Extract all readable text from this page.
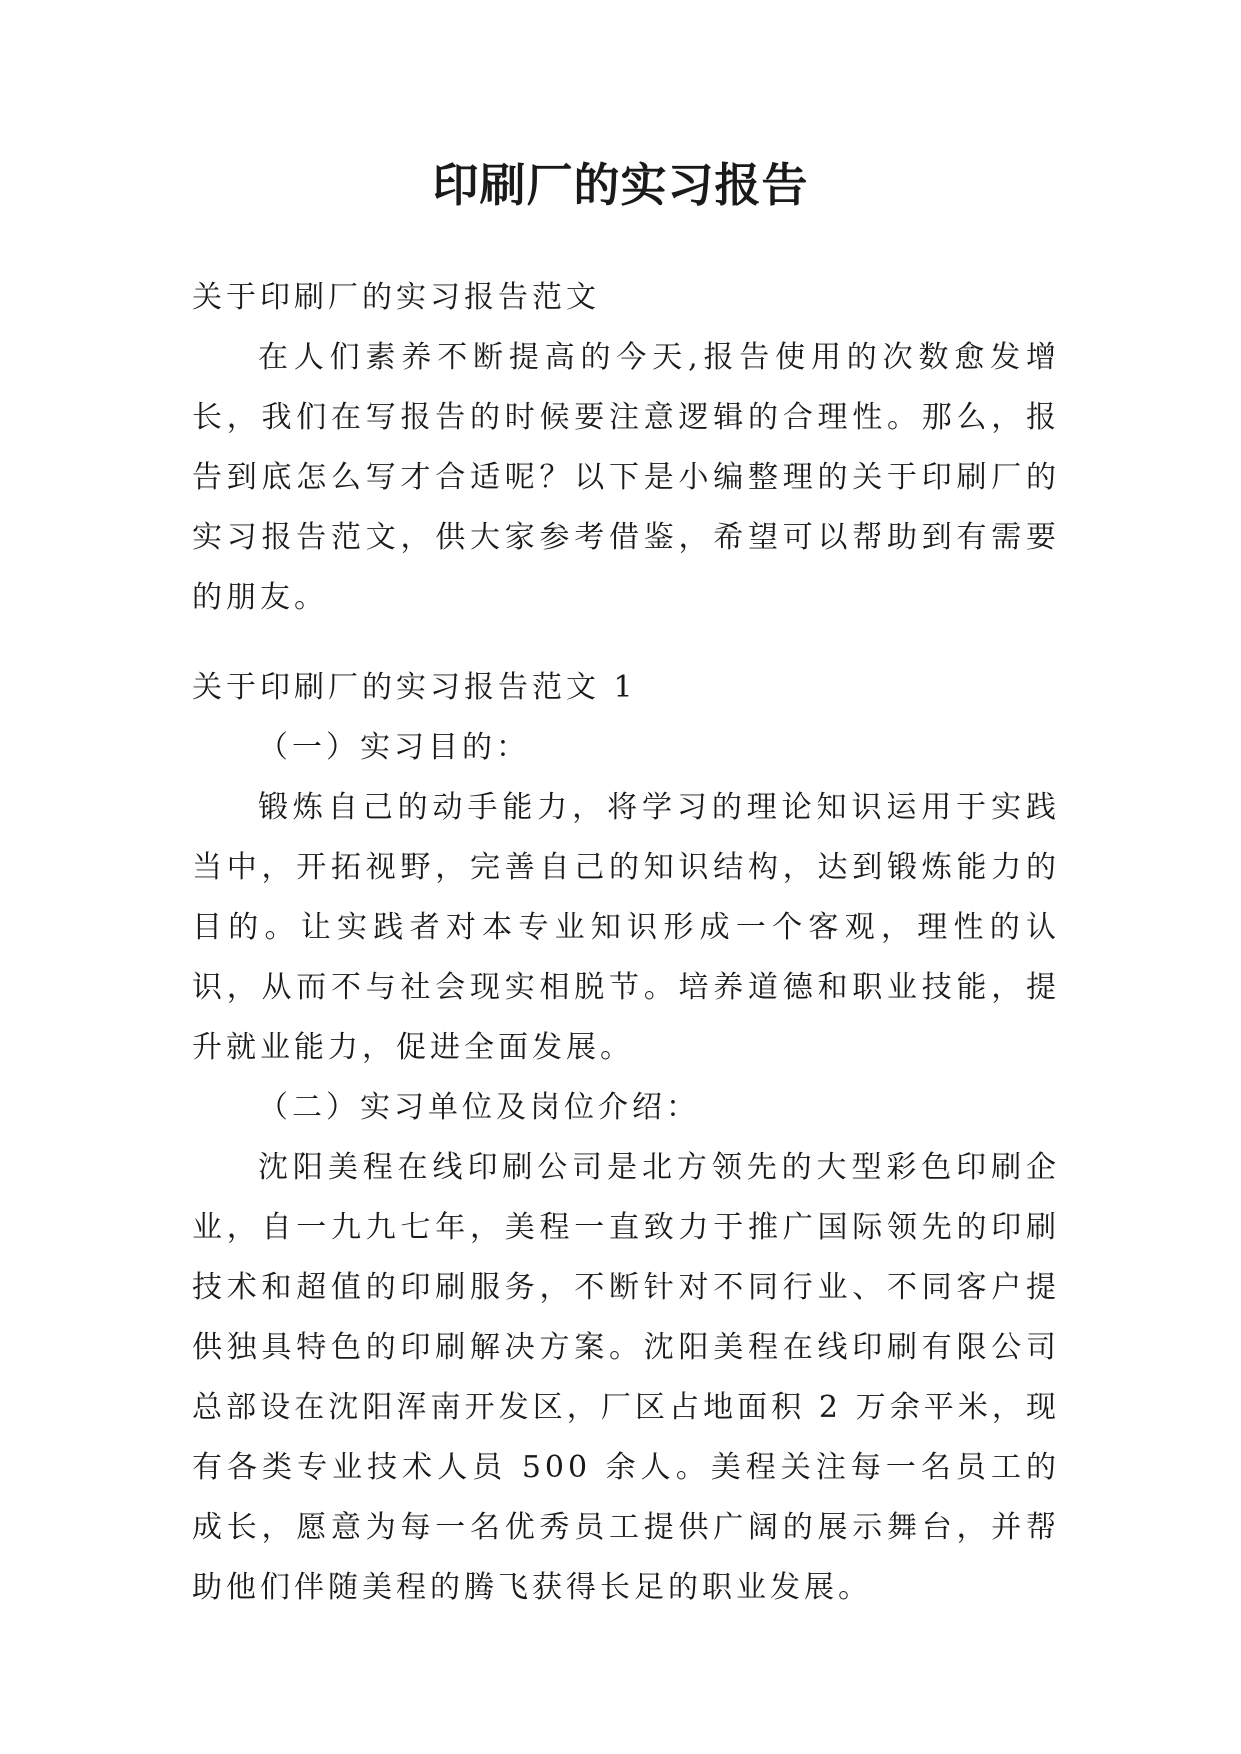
印刷厂的实习报告

关于印刷厂的实习报告范文

在人们素养不断提高的今天,报告使用的次数愈发增长，我们在写报告的时候要注意逻辑的合理性。那么，报告到底怎么写才合适呢？以下是小编整理的关于印刷厂的实习报告范文，供大家参考借鉴，希望可以帮助到有需要的朋友。

关于印刷厂的实习报告范文 1

（一）实习目的：

锻炼自己的动手能力，将学习的理论知识运用于实践当中，开拓视野，完善自己的知识结构，达到锻炼能力的目的。让实践者对本专业知识形成一个客观，理性的认识，从而不与社会现实相脱节。培养道德和职业技能，提升就业能力，促进全面发展。

（二）实习单位及岗位介绍：

沈阳美程在线印刷公司是北方领先的大型彩色印刷企业，自一九九七年，美程一直致力于推广国际领先的印刷技术和超值的印刷服务，不断针对不同行业、不同客户提供独具特色的印刷解决方案。沈阳美程在线印刷有限公司总部设在沈阳浑南开发区，厂区占地面积 2 万余平米，现有各类专业技术人员 500 余人。美程关注每一名员工的成长，愿意为每一名优秀员工提供广阔的展示舞台，并帮助他们伴随美程的腾飞获得长足的职业发展。
